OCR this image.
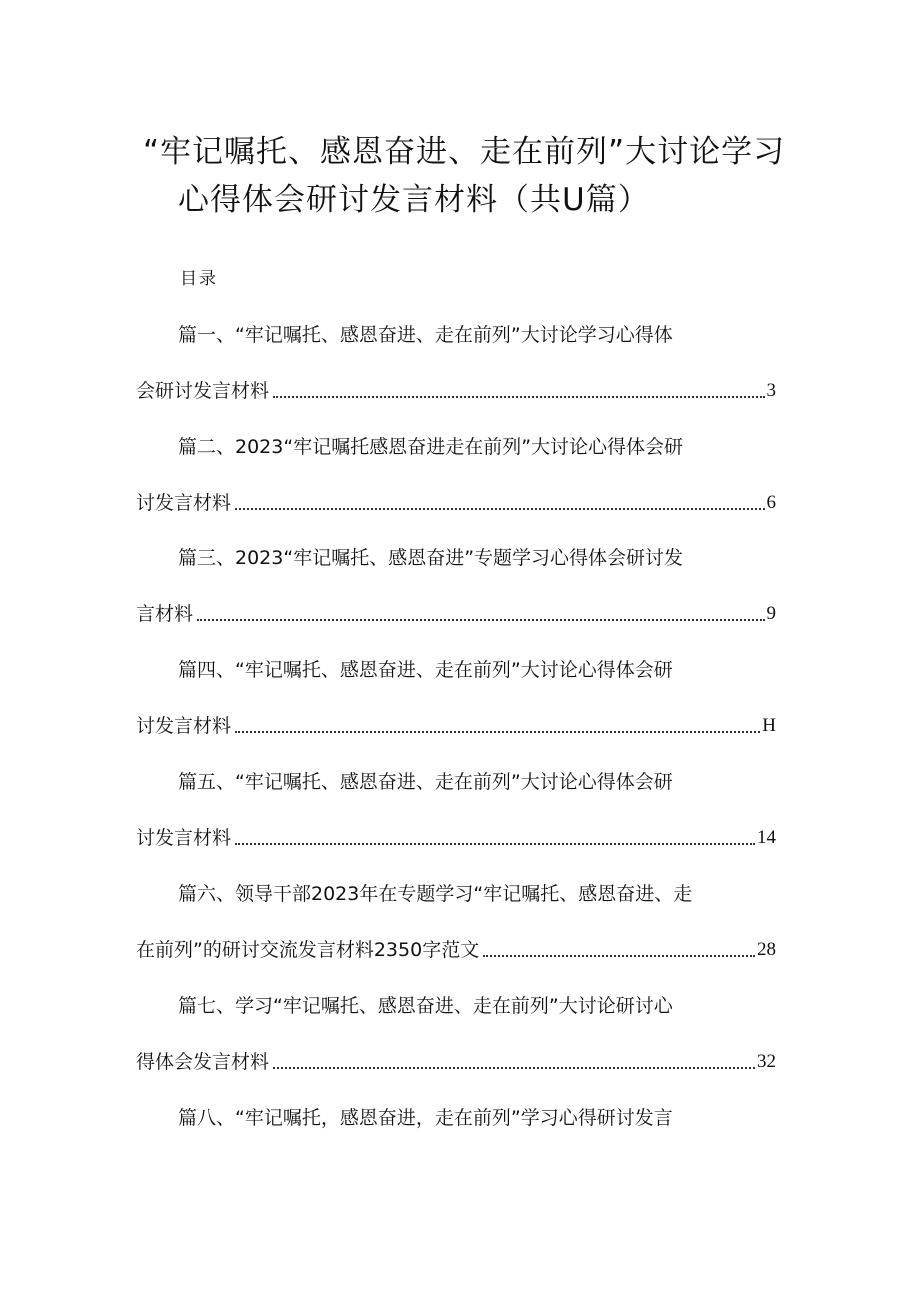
“牢记嘱托、感恩奋进、走在前列”大讨论学习
心得体会研讨发言材料（共U篇）
目录
篇一、“牢记嘱托、感恩奋进、走在前列”大讨论学习心得体
会研讨发言材料	3
篇二、2023“牢记嘱托感恩奋进走在前列”大讨论心得体会研
讨发言材料	6
篇三、2023“牢记嘱托、感恩奋进”专题学习心得体会研讨发
言材料	9
篇四、“牢记嘱托、感恩奋进、走在前列”大讨论心得体会研
讨发言材料	H
篇五、“牢记嘱托、感恩奋进、走在前列”大讨论心得体会研
讨发言材料	14
篇六、领导干部2023年在专题学习“牢记嘱托、感恩奋进、走
在前列”的研讨交流发言材料2350字范文	28
篇七、学习“牢记嘱托、感恩奋进、走在前列”大讨论研讨心
得体会发言材料	32
篇八、“牢记嘱托，感恩奋进，走在前列”学习心得研讨发言
